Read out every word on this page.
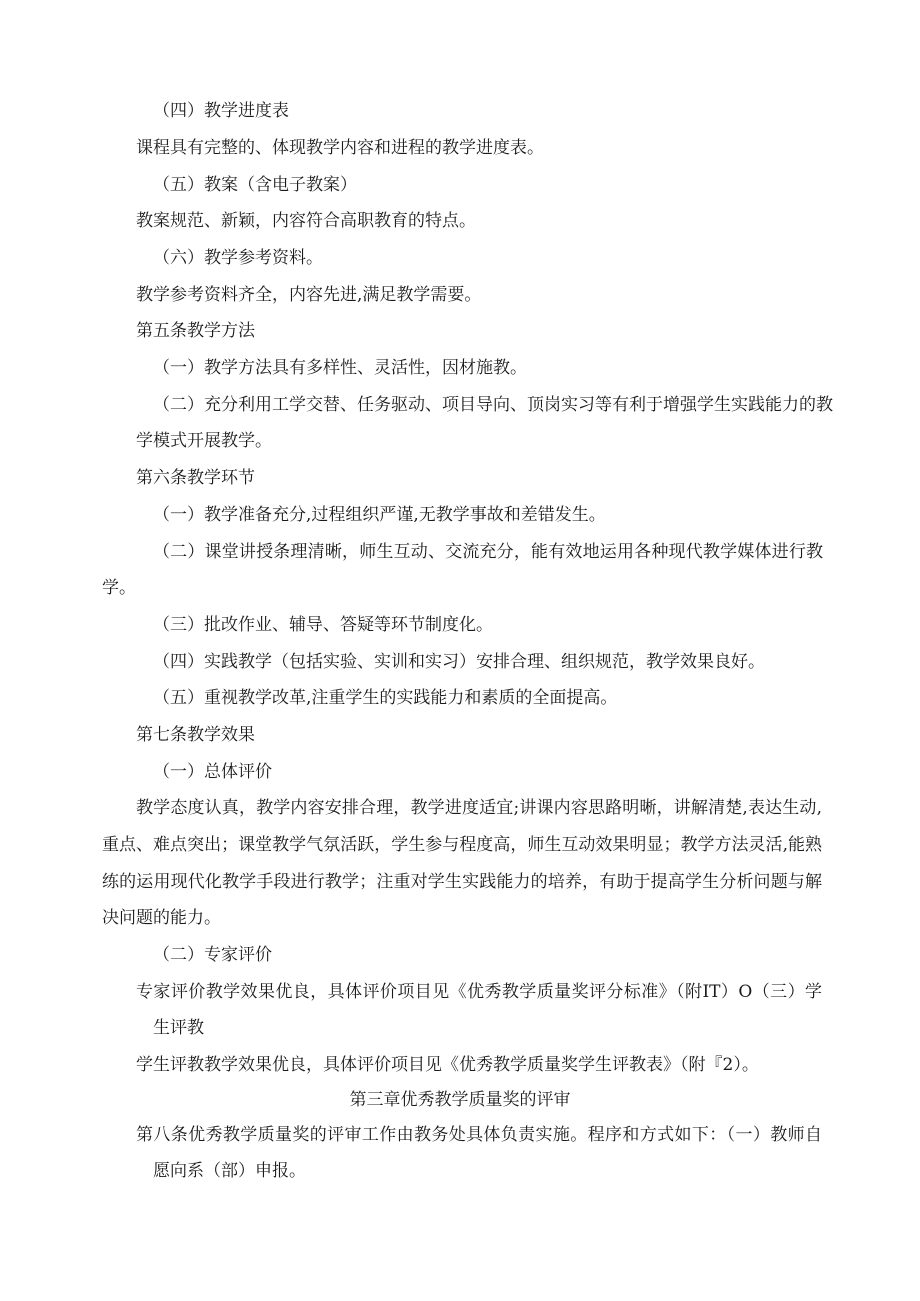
（四）教学进度表
课程具有完整的、体现教学内容和进程的教学进度表。
（五）教案（含电子教案）
教案规范、新颖，内容符合高职教育的特点。
（六）教学参考资料。
教学参考资料齐全，内容先进,满足教学需要。
第五条教学方法
（一）教学方法具有多样性、灵活性，因材施教。
（二）充分利用工学交替、任务驱动、项目导向、顶岗实习等有利于增强学生实践能力的教
学模式开展教学。
第六条教学环节
（一）教学准备充分,过程组织严谨,无教学事故和差错发生。
（二）课堂讲授条理清晰，师生互动、交流充分，能有效地运用各种现代教学媒体进行教
学。
（三）批改作业、辅导、答疑等环节制度化。
（四）实践教学（包括实验、实训和实习）安排合理、组织规范，教学效果良好。
（五）重视教学改革,注重学生的实践能力和素质的全面提高。
第七条教学效果
（一）总体评价
教学态度认真，教学内容安排合理，教学进度适宜;讲课内容思路明晰，讲解清楚,表达生动,
重点、难点突出；课堂教学气氛活跃，学生参与程度高，师生互动效果明显；教学方法灵活,能熟
练的运用现代化教学手段进行教学；注重对学生实践能力的培养，有助于提高学生分析问题与解
决问题的能力。
（二）专家评价
专家评价教学效果优良，具体评价项目见《优秀教学质量奖评分标准》（附IT）O（三）学
生评教
学生评教教学效果优良，具体评价项目见《优秀教学质量奖学生评教表》（附『2）。
第三章优秀教学质量奖的评审
第八条优秀教学质量奖的评审工作由教务处具体负责实施。程序和方式如下：（一）教师自
愿向系（部）申报。
